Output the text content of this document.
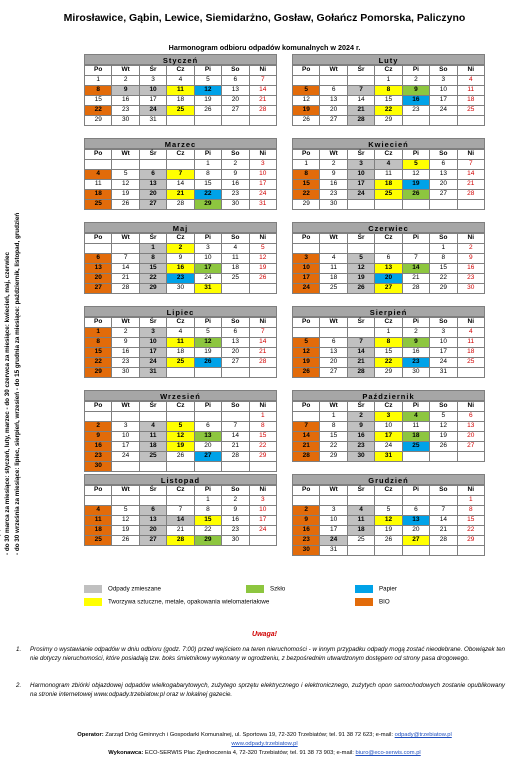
Mirosławice, Gąbin, Lewice, Siemidarżno, Gosław, Gołańcz Pomorska, Paliczyno
Harmonogram odbioru odpadów komunalnych w 2024 r.
- do 30 marca za miesiące: styczeń, luty, marzec - do 30 czerwca za miesiące: kwiecień, maj, czerwiec - do 30 września za miesiące: lipiec, sierpień, wrzesień - do 15 grudnia za miesiące: październik, listopad, grudzień
Styczeń
Po	Wt	Śr	Cz	Pi	So	Ni
1	2	3	4	5	6	7
8	9	10	11	12	13	14
15	16	17	18	19	20	21
22	23	24	25	26	27	28
29	30	31				
Luty
Po	Wt	Śr	Cz	Pi	So	Ni
			1	2	3	4
5	6	7	8	9	10	11
12	13	14	15	16	17	18
19	20	21	22	23	24	25
26	27	28	29			
Marzec
Po	Wt	Śr	Cz	Pi	So	Ni
				1	2	3
4	5	6	7	8	9	10
11	12	13	14	15	16	17
18	19	20	21	22	23	24
25	26	27	28	29	30	31
Kwiecień
Po	Wt	Śr	Cz	Pi	So	Ni
1	2	3	4	5	6	7
8	9	10	11	12	13	14
15	16	17	18	19	20	21
22	23	24	25	26	27	28
29	30					
Maj
Po	Wt	Śr	Cz	Pi	So	Ni
		1	2	3	4	5
6	7	8	9	10	11	12
13	14	15	16	17	18	19
20	21	22	23	24	25	26
27	28	29	30	31		
Czerwiec
Po	Wt	Śr	Cz	Pi	So	Ni
					1	2
3	4	5	6	7	8	9
10	11	12	13	14	15	16
17	18	19	20	21	22	23
24	25	26	27	28	29	30
Lipiec
Po	Wt	Śr	Cz	Pi	So	Ni
1	2	3	4	5	6	7
8	9	10	11	12	13	14
15	16	17	18	19	20	21
22	23	24	25	26	27	28
29	30	31				
Sierpień
Po	Wt	Śr	Cz	Pi	So	Ni
			1	2	3	4
5	6	7	8	9	10	11
12	13	14	15	16	17	18
19	20	21	22	23	24	25
26	27	28	29	30	31	
Wrzesień
Po	Wt	Śr	Cz	Pi	So	Ni
						1
2	3	4	5	6	7	8
9	10	11	12	13	14	15
16	17	18	19	20	21	22
23	24	25	26	27	28	29
30						
Październik
Po	Wt	Śr	Cz	Pi	So	Ni
	1	2	3	4	5	6
7	8	9	10	11	12	13
14	15	16	17	18	19	20
21	22	23	24	25	26	27
28	29	30	31			
Listopad
Po	Wt	Śr	Cz	Pi	So	Ni
				1	2	3
4	5	6	7	8	9	10
11	12	13	14	15	16	17
18	19	20	21	22	23	24
25	26	27	28	29	30	
Grudzień
Po	Wt	Śr	Cz	Pi	So	Ni
						1
2	3	4	5	6	7	8
9	10	11	12	13	14	15
16	17	18	19	20	21	22
23	24	25	26	27	28	29
30	31					
Odpady zmieszane	Szkło	Papier
Tworzywa sztuczne, metale, opakowania wielomateriałowe	BIO
Uwaga!
1. Prosimy o wystawianie odpadów w dniu odbioru (godz. 7:00) przed wejściem na teren nieruchomości - w innym przypadku odpady mogą zostać nieodebrane. Obowiązek ten nie dotyczy nieruchomości, które posiadają tzw. boks śmietnikowy wykonany w ogrodzeniu, z bezpośrednim utwardzonym dostępem od strony pasa drogowego.
2. Harmonogram zbiórki objazdowej odpadów wielkogabarytowych, zużytego sprzętu elektrycznego i elektronicznego, zużytych opon samochodowych zostanie opublikowany na stronie internetowej www.odpady.trzebiatow.pl oraz w lokalnej gazecie.
Operator: Zarząd Dróg Gminnych i Gospodarki Komunalnej, ul. Sportowa 19, 72-320 Trzebiatów; tel. 91 38 72 623; e-mail: odpady@trzebiatow.pl
www.odpady.trzebiatow.pl
Wykonawca: ECO-SERWIS Plac Zjednoczenia 4, 72-320 Trzebiatów; tel. 91 38 73 903; e-mail: biuro@eco-serwis.com.pl
